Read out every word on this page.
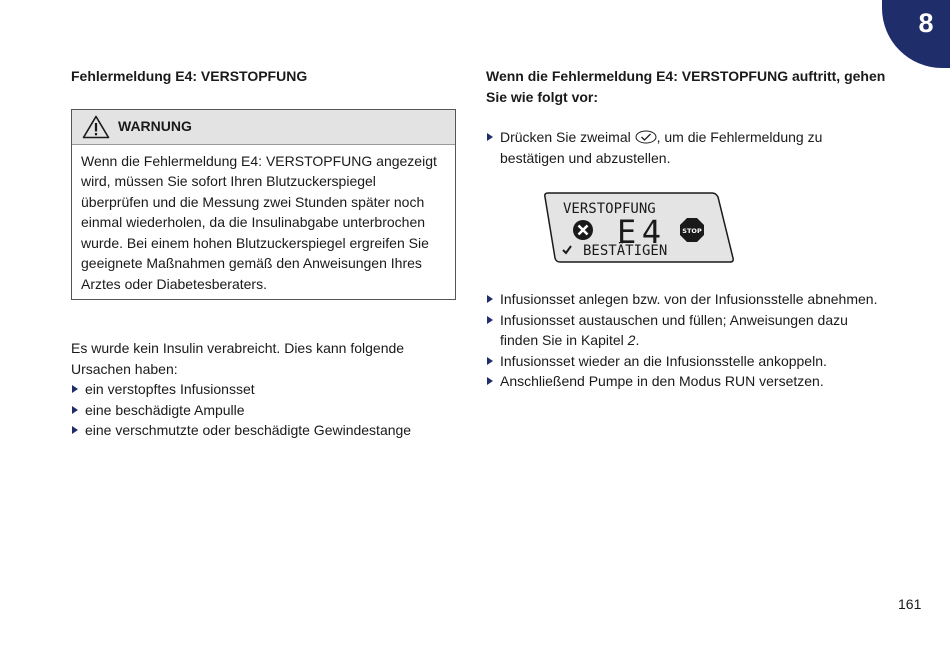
8

Fehlermeldung E4: VERSTOPFUNG

WARNUNG

Wenn die Fehlermeldung E4: VERSTOPFUNG angezeigt wird, müssen Sie sofort Ihren Blutzuckerspiegel überprüfen und die Messung zwei Stunden später noch einmal wiederholen, da die Insulinabgabe unterbrochen wurde. Bei einem hohen Blutzuckerspiegel ergreifen Sie geeignete Maßnahmen gemäß den Anweisungen Ihres Arztes oder Diabetesberaters.

Es wurde kein Insulin verabreicht. Dies kann folgende Ursachen haben:

ein verstopftes Infusionsset
eine beschädigte Ampulle
eine verschmutzte oder beschädigte Gewindestange

Wenn die Fehlermeldung E4: VERSTOPFUNG auftritt, gehen Sie wie folgt vor:

Drücken Sie zweimal , um die Fehlermeldung zu bestätigen und abzustellen.
VERSTOPFUNG
E4	STOP
BESTÄTIGEN
Infusionsset anlegen bzw. von der Infusionsstelle abnehmen.
Infusionsset austauschen und füllen; Anweisungen dazu finden Sie in Kapitel 2.
Infusionsset wieder an die Infusionsstelle ankoppeln.
Anschließend Pumpe in den Modus RUN versetzen.
161
